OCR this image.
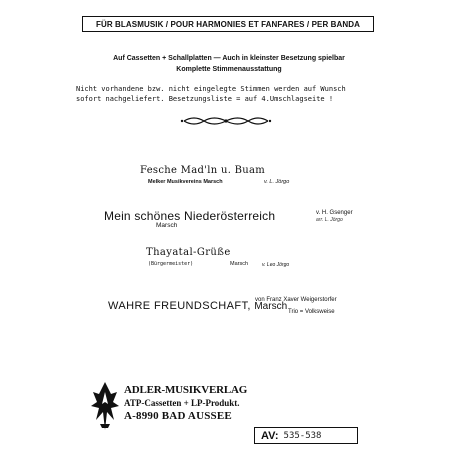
FÜR BLASMUSIK / POUR HARMONIES ET FANFARES / PER BANDA
Auf Cassetten + Schallplatten — Auch in kleinster Besetzung spielbar
Komplette Stimmenausstattung
Nicht vorhandene bzw. nicht eingelegte Stimmen werden auf Wunsch
sofort nachgeliefert. Besetzungsliste = auf 4.Umschlagseite !
Fesche Mad'ln u. Buam
Melker Musikvereins Marsch	v. L. Jörgo
Mein schönes Niederösterreich	v. H. Gsenger
arr. L. Jörgo
Marsch
Thayatal-Grüße
(Bürgermeister)	Marsch	v. Leo Jörgo
WAHRE FREUNDSCHAFT, Marsch
von Franz Xaver Weigerstorfer
Trio = Volksweise
ADLER-MUSIKVERLAG
ATP-Cassetten + LP-Produkt.
A-8990 BAD AUSSEE
AV: 535-538
